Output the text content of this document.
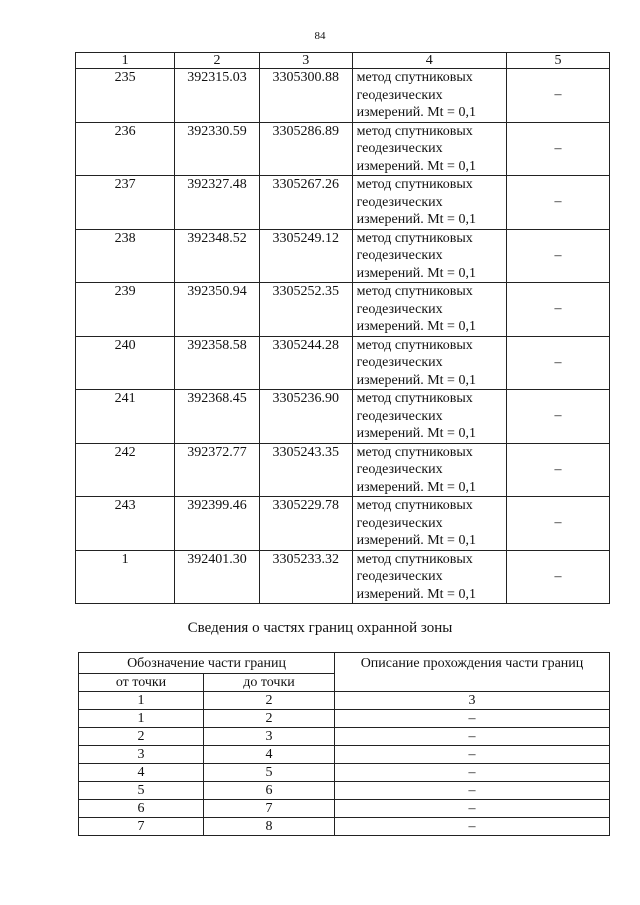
84
1	2	3	4	5

235	392315.03	3305300.88	метод спутниковых
геодезических
измерений. Mt = 0,1	–

236	392330.59	3305286.89	метод спутниковых
геодезических
измерений. Mt = 0,1	–

237	392327.48	3305267.26	метод спутниковых
геодезических
измерений. Mt = 0,1	–

238	392348.52	3305249.12	метод спутниковых
геодезических
измерений. Mt = 0,1	–

239	392350.94	3305252.35	метод спутниковых
геодезических
измерений. Mt = 0,1	–

240	392358.58	3305244.28	метод спутниковых
геодезических
измерений. Mt = 0,1	–

241	392368.45	3305236.90	метод спутниковых
геодезических
измерений. Mt = 0,1	–

242	392372.77	3305243.35	метод спутниковых
геодезических
измерений. Mt = 0,1	–

243	392399.46	3305229.78	метод спутниковых
геодезических
измерений. Mt = 0,1	–

1	392401.30	3305233.32	метод спутниковых
геодезических
измерений. Mt = 0,1	–
Сведения о частях границ охранной зоны
Обозначение части границ		Описание прохождения части границ
от точки	до точки	
1	2	3
1	2	–
2	3	–
3	4	–
4	5	–
5	6	–
6	7	–
7	8	–
